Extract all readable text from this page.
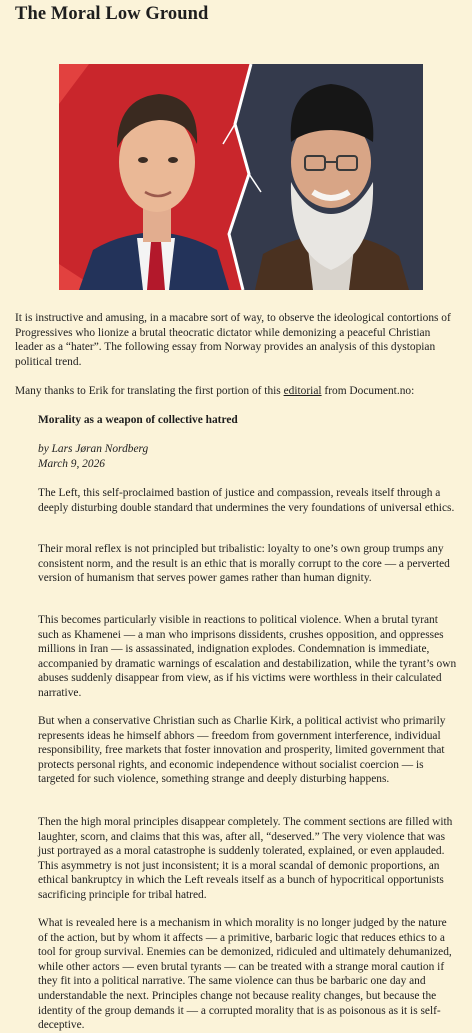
The Moral Low Ground

It is instructive and amusing, in a macabre sort of way, to observe the ideological contortions of Progressives who lionize a brutal theocratic dictator while demonizing a peaceful Christian leader as a “hater”. The following essay from Norway provides an analysis of this dystopian political trend.

Many thanks to Erik for translating the first portion of this editorial from Document.no:

Morality as a weapon of collective hatred

by Lars Jøran Nordberg

March 9, 2026

The Left, this self-proclaimed bastion of justice and compassion, reveals itself through a deeply disturbing double standard that undermines the very foundations of universal ethics.

Their moral reflex is not principled but tribalistic: loyalty to one’s own group trumps any consistent norm, and the result is an ethic that is morally corrupt to the core — a perverted version of humanism that serves power games rather than human dignity.

This becomes particularly visible in reactions to political violence. When a brutal tyrant such as Khamenei — a man who imprisons dissidents, crushes opposition, and oppresses millions in Iran — is assassinated, indignation explodes. Condemnation is immediate, accompanied by dramatic warnings of escalation and destabilization, while the tyrant’s own abuses suddenly disappear from view, as if his victims were worthless in their calculated narrative.

But when a conservative Christian such as Charlie Kirk, a political activist who primarily represents ideas he himself abhors — freedom from government interference, individual responsibility, free markets that foster innovation and prosperity, limited government that protects personal rights, and economic independence without socialist coercion — is targeted for such violence, something strange and deeply disturbing happens.

Then the high moral principles disappear completely. The comment sections are filled with laughter, scorn, and claims that this was, after all, “deserved.” The very violence that was just portrayed as a moral catastrophe is suddenly tolerated, explained, or even applauded. This asymmetry is not just inconsistent; it is a moral scandal of demonic proportions, an ethical bankruptcy in which the Left reveals itself as a bunch of hypocritical opportunists sacrificing principle for tribal hatred.

What is revealed here is a mechanism in which morality is no longer judged by the nature of the action, but by whom it affects — a primitive, barbaric logic that reduces ethics to a tool for group survival. Enemies can be demonized, ridiculed and ultimately dehumanized, while other actors — even brutal tyrants — can be treated with a strange moral caution if they fit into a political narrative. The same violence can thus be barbaric one day and understandable the next. Principles change not because reality changes, but because the identity of the group demands it — a corrupted morality that is as poisonous as it is self-deceptive.
